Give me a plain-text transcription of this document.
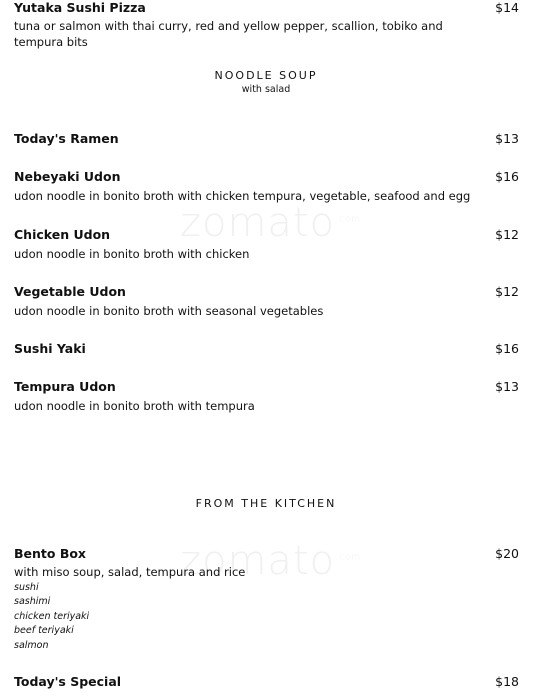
zomato$^{.com}$
zomato$^{.com}$
Yutaka Sushi Pizza	$14
tuna or salmon with thai curry, red and yellow pepper, scallion, tobiko and tempura bits
NOODLE SOUP
with salad
Today's Ramen	$13
Nebeyaki Udon	$16
udon noodle in bonito broth with chicken tempura, vegetable, seafood and egg
Chicken Udon	$12
udon noodle in bonito broth with chicken
Vegetable Udon	$12
udon noodle in bonito broth with seasonal vegetables
Sushi Yaki	$16
Tempura Udon	$13
udon noodle in bonito broth with tempura
FROM THE KITCHEN
Bento Box	$20
with miso soup, salad, tempura and rice
sushi
sashimi
chicken teriyaki
beef teriyaki
salmon
Today's Special	$18
